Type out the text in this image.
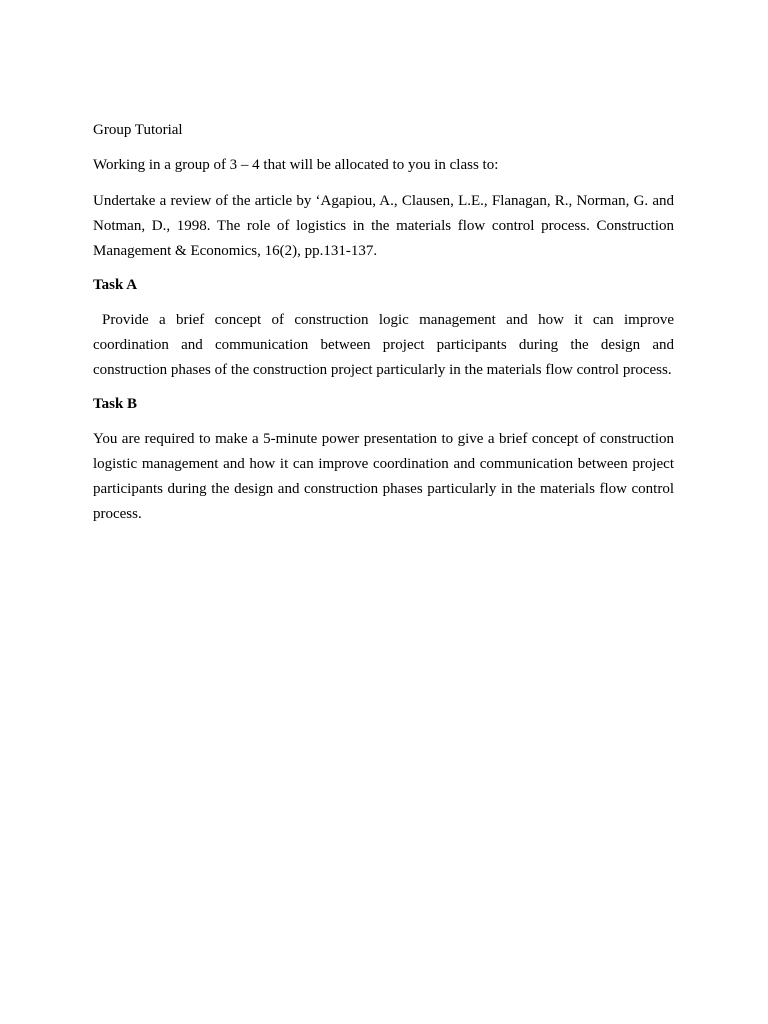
Group Tutorial

Working in a group of 3 – 4 that will be allocated to you in class to:

Undertake a review of the article by ‘Agapiou, A., Clausen, L.E., Flanagan, R., Norman, G. and Notman, D., 1998. The role of logistics in the materials flow control process. Construction Management & Economics, 16(2), pp.131-137.

Task A

Provide a brief concept of construction logic management and how it can improve coordination and communication between project participants during the design and construction phases of the construction project particularly in the materials flow control process.

Task B

You are required to make a 5-minute power presentation to give a brief concept of construction logistic management and how it can improve coordination and communication between project participants during the design and construction phases particularly in the materials flow control process.
